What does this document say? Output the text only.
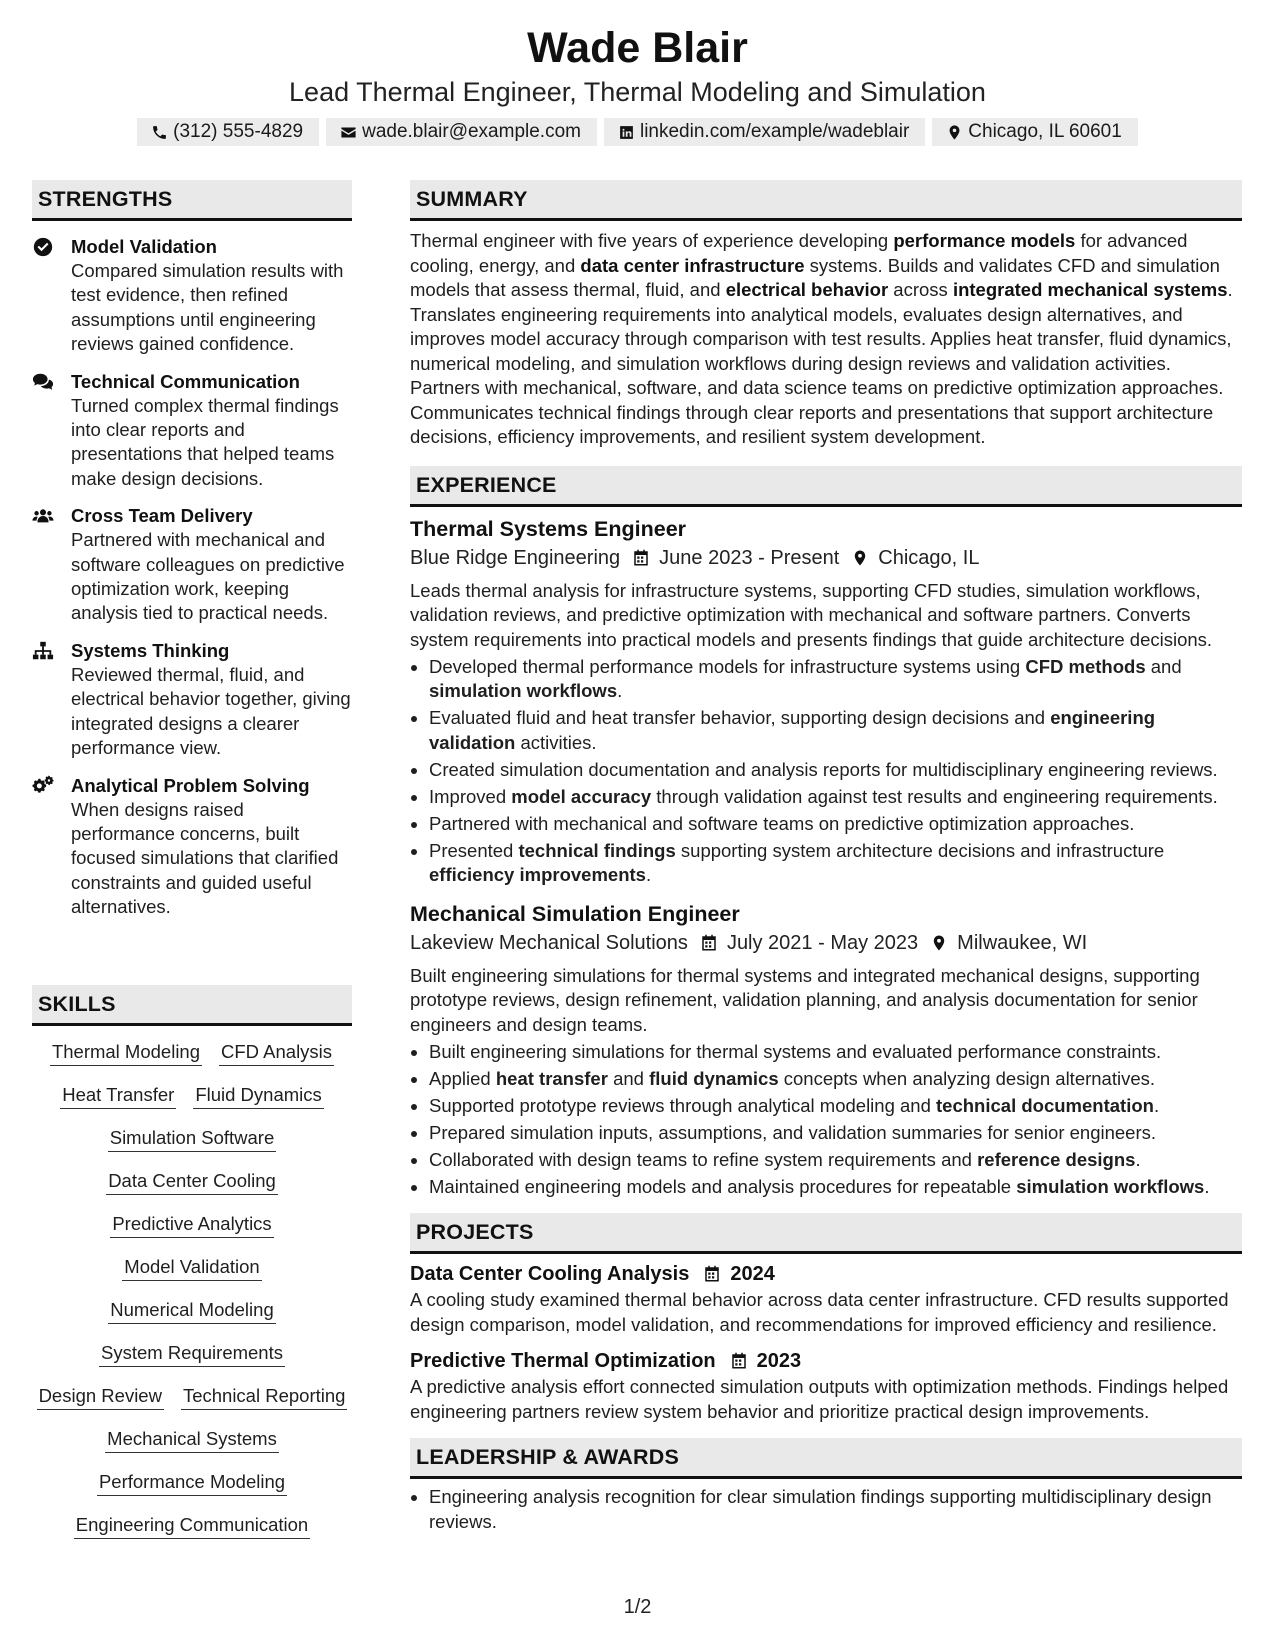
Wade Blair
Lead Thermal Engineer, Thermal Modeling and Simulation
(312) 555-4829	wade.blair@example.com	linkedin.com/example/wadeblair	Chicago, IL 60601
STRENGTHS
Model Validation
Compared simulation results with test evidence, then refined assumptions until engineering reviews gained confidence.
Technical Communication
Turned complex thermal findings into clear reports and presentations that helped teams make design decisions.
Cross Team Delivery
Partnered with mechanical and software colleagues on predictive optimization work, keeping analysis tied to practical needs.
Systems Thinking
Reviewed thermal, fluid, and electrical behavior together, giving integrated designs a clearer performance view.
Analytical Problem Solving
When designs raised performance concerns, built focused simulations that clarified constraints and guided useful alternatives.
SKILLS
Thermal Modeling CFD Analysis
Heat Transfer Fluid Dynamics
Simulation Software
Data Center Cooling
Predictive Analytics
Model Validation
Numerical Modeling
System Requirements
Design Review Technical Reporting
Mechanical Systems
Performance Modeling
Engineering Communication
SUMMARY

Thermal engineer with five years of experience developing performance models for advanced cooling, energy, and data center infrastructure systems. Builds and validates CFD and simulation models that assess thermal, fluid, and electrical behavior across integrated mechanical systems. Translates engineering requirements into analytical models, evaluates design alternatives, and improves model accuracy through comparison with test results. Applies heat transfer, fluid dynamics, numerical modeling, and simulation workflows during design reviews and validation activities. Partners with mechanical, software, and data science teams on predictive optimization approaches. Communicates technical findings through clear reports and presentations that support architecture decisions, efficiency improvements, and resilient system development.

EXPERIENCE
Thermal Systems Engineer
Blue Ridge Engineering June 2023 - Present Chicago, IL

Leads thermal analysis for infrastructure systems, supporting CFD studies, simulation workflows, validation reviews, and predictive optimization with mechanical and software partners. Converts system requirements into practical models and presents findings that guide architecture decisions.

• Developed thermal performance models for infrastructure systems using CFD methods and simulation workflows.
• Evaluated fluid and heat transfer behavior, supporting design decisions and engineering validation activities.
• Created simulation documentation and analysis reports for multidisciplinary engineering reviews.
• Improved model accuracy through validation against test results and engineering requirements.
• Partnered with mechanical and software teams on predictive optimization approaches.
• Presented technical findings supporting system architecture decisions and infrastructure efficiency improvements.
Mechanical Simulation Engineer
Lakeview Mechanical Solutions July 2021 - May 2023 Milwaukee, WI

Built engineering simulations for thermal systems and integrated mechanical designs, supporting prototype reviews, design refinement, validation planning, and analysis documentation for senior engineers and design teams.

• Built engineering simulations for thermal systems and evaluated performance constraints.
• Applied heat transfer and fluid dynamics concepts when analyzing design alternatives.
• Supported prototype reviews through analytical modeling and technical documentation.
• Prepared simulation inputs, assumptions, and validation summaries for senior engineers.
• Collaborated with design teams to refine system requirements and reference designs.
• Maintained engineering models and analysis procedures for repeatable simulation workflows.
PROJECTS
Data Center Cooling Analysis 2024

A cooling study examined thermal behavior across data center infrastructure. CFD results supported design comparison, model validation, and recommendations for improved efficiency and resilience.

Predictive Thermal Optimization 2023

A predictive analysis effort connected simulation outputs with optimization methods. Findings helped engineering partners review system behavior and prioritize practical design improvements.

LEADERSHIP & AWARDS
• Engineering analysis recognition for clear simulation findings supporting multidisciplinary design reviews.
1/2
